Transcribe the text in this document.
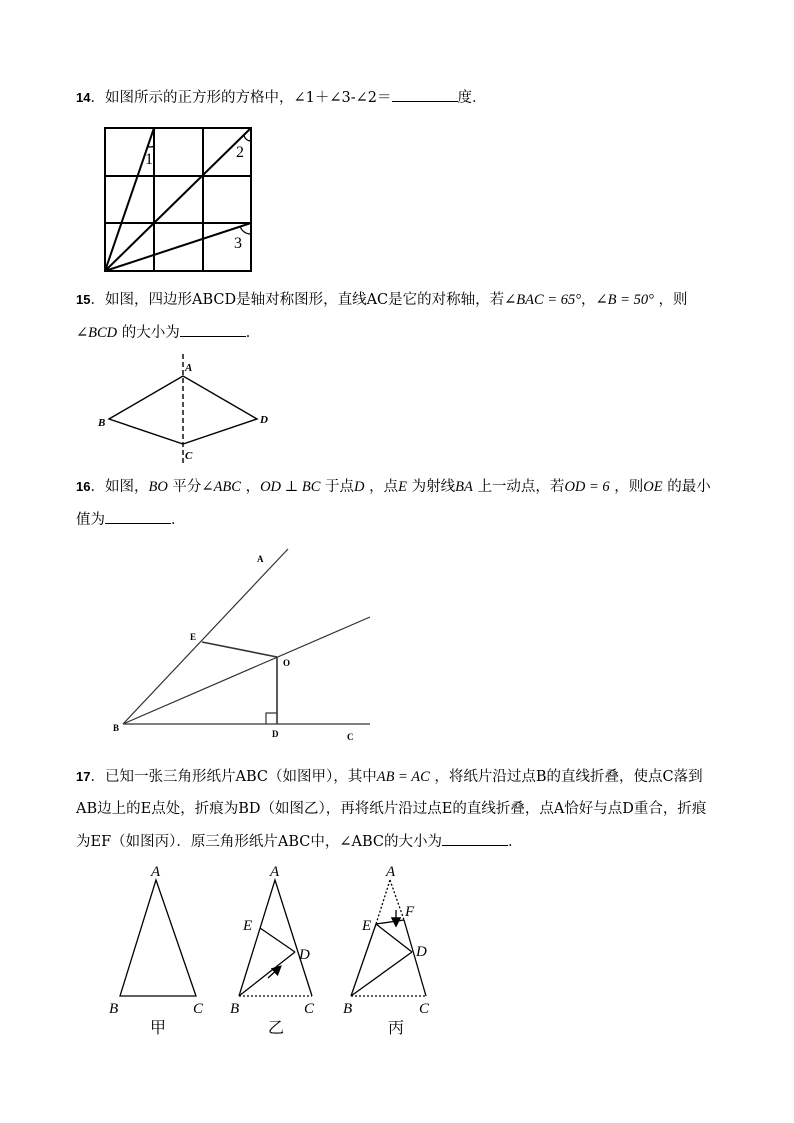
14．如图所示的正方形的方格中，∠1＋∠3-∠2＝	度．
1	2
3
15．如图，四边形ABCD是轴对称图形，直线AC是它的对称轴，若∠BAC = 65°，∠B = 50° ，则
∠BCD 的大小为	．
A
B
C
D
16．如图，BO 平分∠ABC ，OD ⊥ BC 于点D ，点E 为射线BA 上一动点，若OD = 6 ，则OE 的最小
值为	．
A
E
O
B
D	C
17．已知一张三角形纸片ABC（如图甲），其中AB = AC ，将纸片沿过点B的直线折叠，使点C落到
AB边上的E点处，折痕为BD（如图乙），再将纸片沿过点E的直线折叠，点A恰好与点D重合，折痕
为EF（如图丙）．原三角形纸片ABC中，∠ABC的大小为	．
A
B	C
甲
A
E
D
B	C
乙
A
F
E
D
B	C
丙
